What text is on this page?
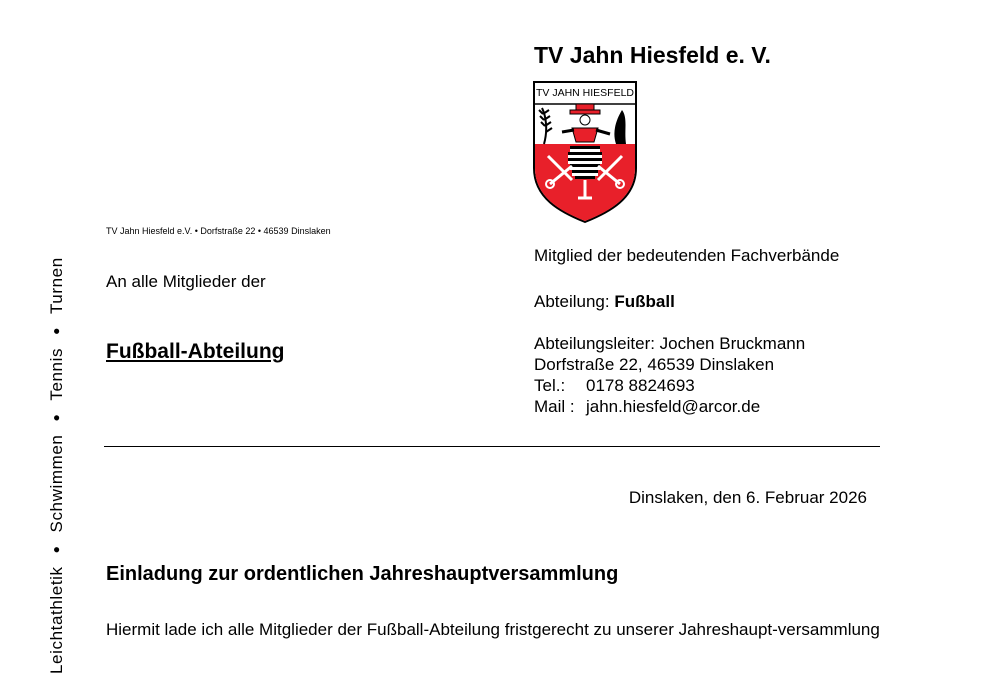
Leichtathletik●Schwimmen●Tennis●Turnen
TV Jahn Hiesfeld e. V.
TV JAHN HIESFELD
TV Jahn Hiesfeld e.V. • Dorfstraße 22 • 46539 Dinslaken
An alle Mitglieder der
Fußball-Abteilung
Mitglied der bedeutenden Fachverbände
Abteilung: Fußball
Abteilungsleiter: Jochen Bruckmann
Dorfstraße 22, 46539 Dinslaken
Tel.: 0178 8824693
Mail : jahn.hiesfeld@arcor.de
Dinslaken, den 6. Februar 2026
Einladung zur ordentlichen Jahreshauptversammlung
Hiermit lade ich alle Mitglieder der Fußball-Abteilung fristgerecht zu unserer Jahreshaupt-versammlung
